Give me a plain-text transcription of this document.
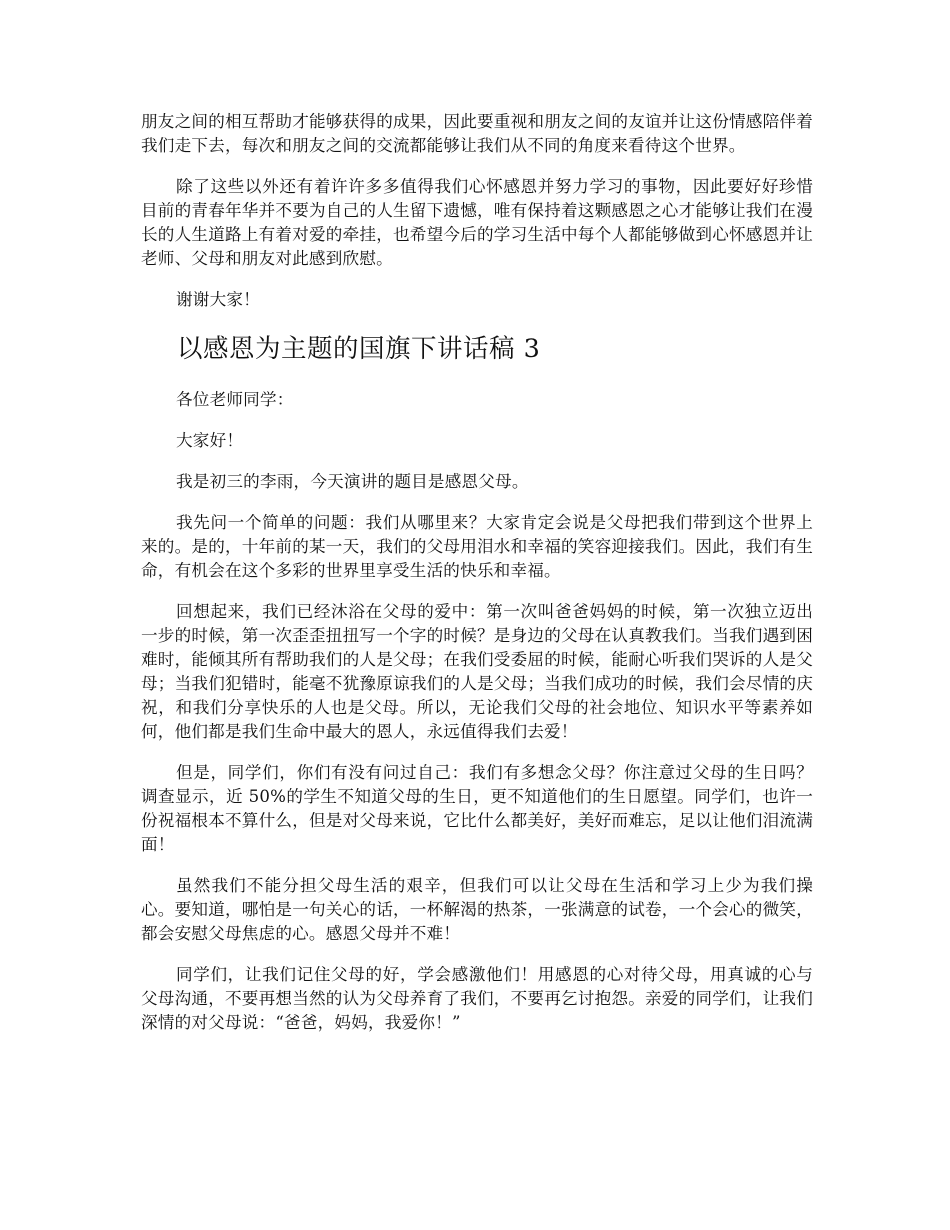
朋友之间的相互帮助才能够获得的成果，因此要重视和朋友之间的友谊并让这份情感陪伴着我们走下去，每次和朋友之间的交流都能够让我们从不同的角度来看待这个世界。

除了这些以外还有着许许多多值得我们心怀感恩并努力学习的事物，因此要好好珍惜目前的青春年华并不要为自己的人生留下遗憾，唯有保持着这颗感恩之心才能够让我们在漫长的人生道路上有着对爱的牵挂，也希望今后的学习生活中每个人都能够做到心怀感恩并让老师、父母和朋友对此感到欣慰。

谢谢大家！

以感恩为主题的国旗下讲话稿 3

各位老师同学：

大家好！

我是初三的李雨，今天演讲的题目是感恩父母。

我先问一个简单的问题：我们从哪里来？大家肯定会说是父母把我们带到这个世界上来的。是的，十年前的某一天，我们的父母用泪水和幸福的笑容迎接我们。因此，我们有生命，有机会在这个多彩的世界里享受生活的快乐和幸福。

回想起来，我们已经沐浴在父母的爱中：第一次叫爸爸妈妈的时候，第一次独立迈出一步的时候，第一次歪歪扭扭写一个字的时候？是身边的父母在认真教我们。当我们遇到困难时，能倾其所有帮助我们的人是父母；在我们受委屈的时候，能耐心听我们哭诉的人是父母；当我们犯错时，能毫不犹豫原谅我们的人是父母；当我们成功的时候，我们会尽情的庆祝，和我们分享快乐的人也是父母。所以，无论我们父母的社会地位、知识水平等素养如何，他们都是我们生命中最大的恩人，永远值得我们去爱！

但是，同学们，你们有没有问过自己：我们有多想念父母？你注意过父母的生日吗？调查显示，近 50%的学生不知道父母的生日，更不知道他们的生日愿望。同学们，也许一份祝福根本不算什么，但是对父母来说，它比什么都美好，美好而难忘，足以让他们泪流满面！

虽然我们不能分担父母生活的艰辛，但我们可以让父母在生活和学习上少为我们操心。要知道，哪怕是一句关心的话，一杯解渴的热茶，一张满意的试卷，一个会心的微笑，都会安慰父母焦虑的心。感恩父母并不难！

同学们，让我们记住父母的好，学会感激他们！用感恩的心对待父母，用真诚的心与父母沟通，不要再想当然的认为父母养育了我们，不要再乞讨抱怨。亲爱的同学们，让我们深情的对父母说：“爸爸，妈妈，我爱你！”
